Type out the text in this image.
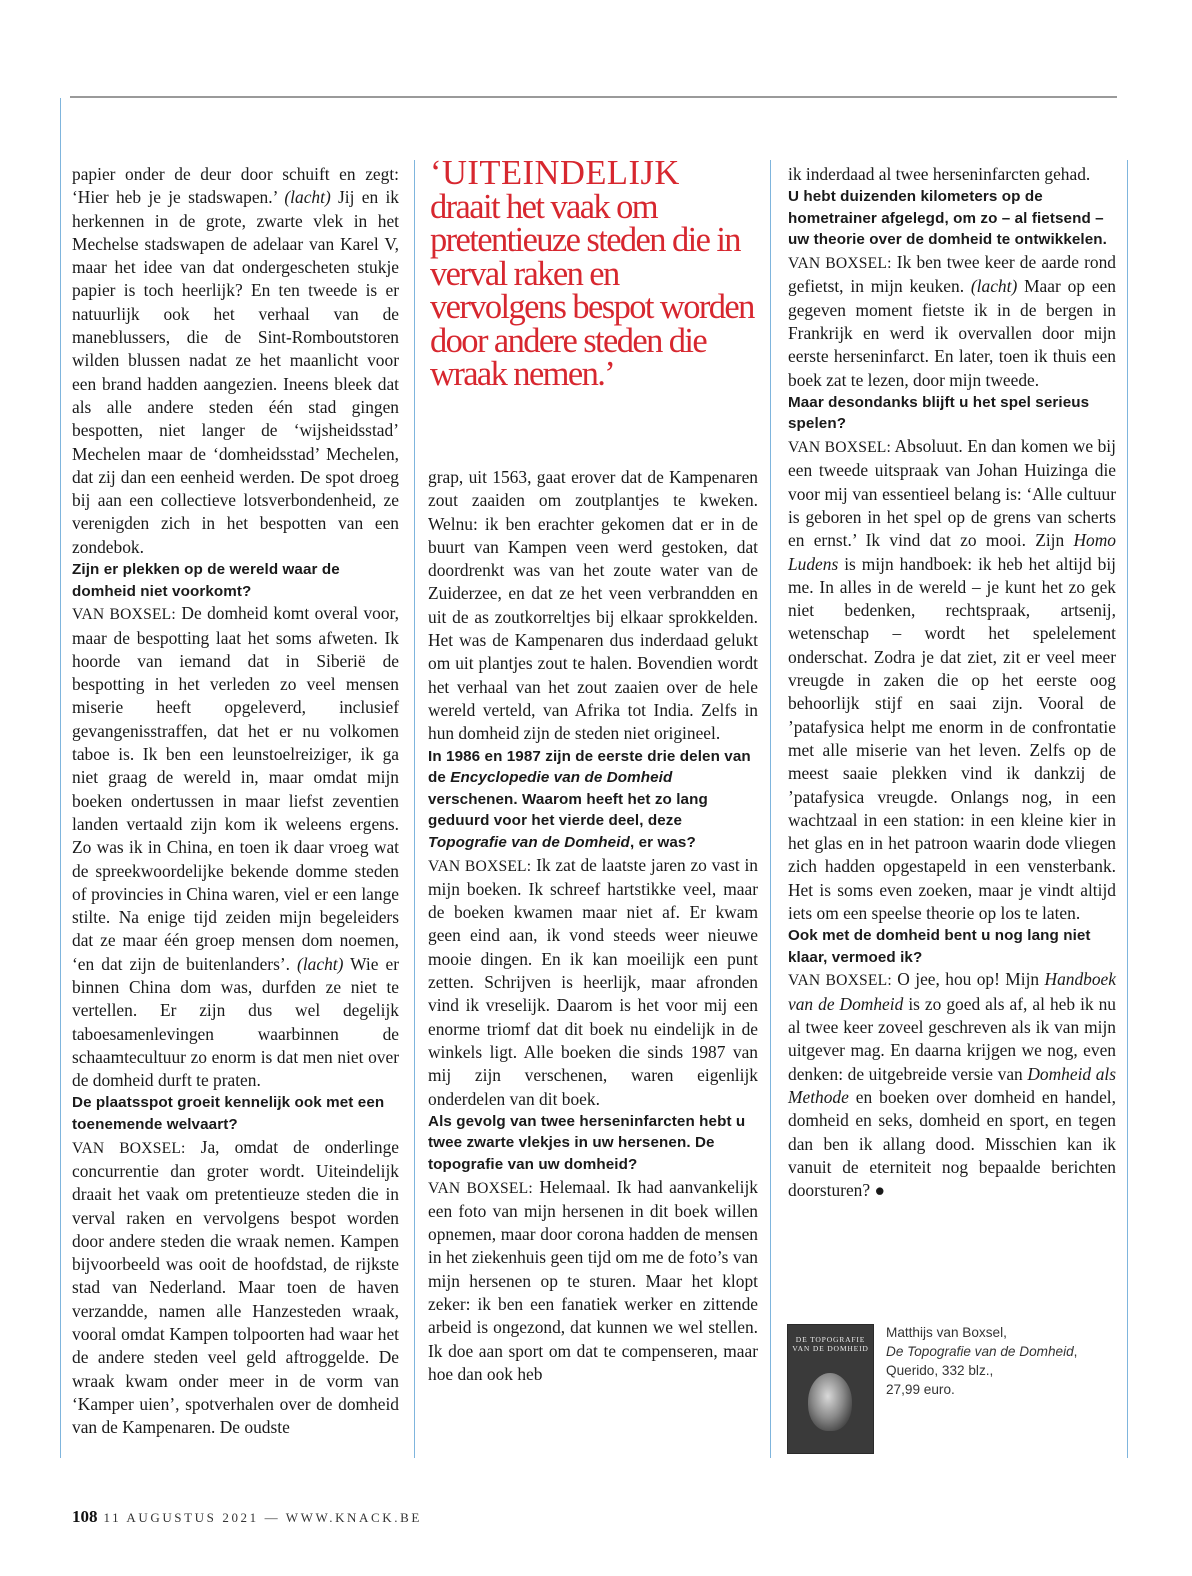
papier onder de deur door schuift en zegt: ‘Hier heb je je stadswapen.’ (lacht) Jij en ik herkennen in de grote, zwarte vlek in het Mechelse stadswapen de adelaar van Karel V, maar het idee van dat ondergescheten stukje papier is toch heerlijk? En ten tweede is er natuurlijk ook het verhaal van de maneblussers, die de Sint-Romboutstoren wilden blussen nadat ze het maanlicht voor een brand hadden aangezien. Ineens bleek dat als alle andere steden één stad gingen bespotten, niet langer de ‘wijsheidsstad’ Mechelen maar de ‘domheidsstad’ Mechelen, dat zij dan een eenheid werden. De spot droeg bij aan een collectieve lotsverbondenheid, ze verenigden zich in het bespotten van een zondebok.

Zijn er plekken op de wereld waar de domheid niet voorkomt?

VAN BOXSEL: De domheid komt overal voor, maar de bespotting laat het soms afweten. Ik hoorde van iemand dat in Siberië de bespotting in het verleden zo veel mensen miserie heeft opgeleverd, inclusief gevangenisstraffen, dat het er nu volkomen taboe is. Ik ben een leunstoelreiziger, ik ga niet graag de wereld in, maar omdat mijn boeken ondertussen in maar liefst zeventien landen vertaald zijn kom ik weleens ergens. Zo was ik in China, en toen ik daar vroeg wat de spreekwoordelijke bekende domme steden of provincies in China waren, viel er een lange stilte. Na enige tijd zeiden mijn begeleiders dat ze maar één groep mensen dom noemen, ‘en dat zijn de buitenlanders’. (lacht) Wie er binnen China dom was, durfden ze niet te vertellen. Er zijn dus wel degelijk taboesamenlevingen waarbinnen de schaamtecultuur zo enorm is dat men niet over de domheid durft te praten.

De plaatsspot groeit kennelijk ook met een toenemende welvaart?

VAN BOXSEL: Ja, omdat de onderlinge concurrentie dan groter wordt. Uiteindelijk draait het vaak om pretentieuze steden die in verval raken en vervolgens bespot worden door andere steden die wraak nemen. Kampen bijvoorbeeld was ooit de hoofdstad, de rijkste stad van Nederland. Maar toen de haven verzandde, namen alle Hanzesteden wraak, vooral omdat Kampen tolpoorten had waar het de andere steden veel geld aftroggelde. De wraak kwam onder meer in de vorm van ‘Kamper uien’, spotverhalen over de domheid van de Kampenaren. De oudste

‘UITEINDELIJK
draait het vaak om pretentieuze steden die in verval raken en vervolgens bespot worden door andere steden die wraak nemen.’

grap, uit 1563, gaat erover dat de Kampenaren zout zaaiden om zoutplantjes te kweken. Welnu: ik ben erachter gekomen dat er in de buurt van Kampen veen werd gestoken, dat doordrenkt was van het zoute water van de Zuiderzee, en dat ze het veen verbrandden en uit de as zoutkorreltjes bij elkaar sprokkelden. Het was de Kampenaren dus inderdaad gelukt om uit plantjes zout te halen. Bovendien wordt het verhaal van het zout zaaien over de hele wereld verteld, van Afrika tot India. Zelfs in hun domheid zijn de steden niet origineel.

In 1986 en 1987 zijn de eerste drie delen van de Encyclopedie van de Domheid verschenen. Waarom heeft het zo lang geduurd voor het vierde deel, deze Topografie van de Domheid, er was?

VAN BOXSEL: Ik zat de laatste jaren zo vast in mijn boeken. Ik schreef hartstikke veel, maar de boeken kwamen maar niet af. Er kwam geen eind aan, ik vond steeds weer nieuwe mooie dingen. En ik kan moeilijk een punt zetten. Schrijven is heerlijk, maar afronden vind ik vreselijk. Daarom is het voor mij een enorme triomf dat dit boek nu eindelijk in de winkels ligt. Alle boeken die sinds 1987 van mij zijn verschenen, waren eigenlijk onderdelen van dit boek.

Als gevolg van twee herseninfarcten hebt u twee zwarte vlekjes in uw hersenen. De topografie van uw domheid?

VAN BOXSEL: Helemaal. Ik had aanvankelijk een foto van mijn hersenen in dit boek willen opnemen, maar door corona hadden de mensen in het ziekenhuis geen tijd om me de foto’s van mijn hersenen op te sturen. Maar het klopt zeker: ik ben een fanatiek werker en zittende arbeid is ongezond, dat kunnen we wel stellen. Ik doe aan sport om dat te compenseren, maar hoe dan ook heb

ik inderdaad al twee herseninfarcten gehad.

U hebt duizenden kilometers op de hometrainer afgelegd, om zo – al fietsend – uw theorie over de domheid te ontwikkelen.

VAN BOXSEL: Ik ben twee keer de aarde rond gefietst, in mijn keuken. (lacht) Maar op een gegeven moment fietste ik in de bergen in Frankrijk en werd ik overvallen door mijn eerste herseninfarct. En later, toen ik thuis een boek zat te lezen, door mijn tweede.

Maar desondanks blijft u het spel serieus spelen?

VAN BOXSEL: Absoluut. En dan komen we bij een tweede uitspraak van Johan Huizinga die voor mij van essentieel belang is: ‘Alle cultuur is geboren in het spel op de grens van scherts en ernst.’ Ik vind dat zo mooi. Zijn Homo Ludens is mijn handboek: ik heb het altijd bij me. In alles in de wereld – je kunt het zo gek niet bedenken, rechtspraak, artsenij, wetenschap – wordt het spelelement onderschat. Zodra je dat ziet, zit er veel meer vreugde in zaken die op het eerste oog behoorlijk stijf en saai zijn. Vooral de ’patafysica helpt me enorm in de confrontatie met alle miserie van het leven. Zelfs op de meest saaie plekken vind ik dankzij de ’patafysica vreugde. Onlangs nog, in een wachtzaal in een station: in een kleine kier in het glas en in het patroon waarin dode vliegen zich hadden opgestapeld in een vensterbank. Het is soms even zoeken, maar je vindt altijd iets om een speelse theorie op los te laten.

Ook met de domheid bent u nog lang niet klaar, vermoed ik?

VAN BOXSEL: O jee, hou op! Mijn Handboek van de Domheid is zo goed als af, al heb ik nu al twee keer zoveel geschreven als ik van mijn uitgever mag. En daarna krijgen we nog, even denken: de uitgebreide versie van Domheid als Methode en boeken over domheid en handel, domheid en seks, domheid en sport, en tegen dan ben ik allang dood. Misschien kan ik vanuit de eterniteit nog bepaalde berichten doorsturen? ●

DE TOPOGRAFIE VAN DE DOMHEID
Matthijs van Boxsel,
De Topografie van de Domheid,
Querido, 332 blz.,
27,99 euro.
108 11 AUGUSTUS 2021 — WWW.KNACK.BE
